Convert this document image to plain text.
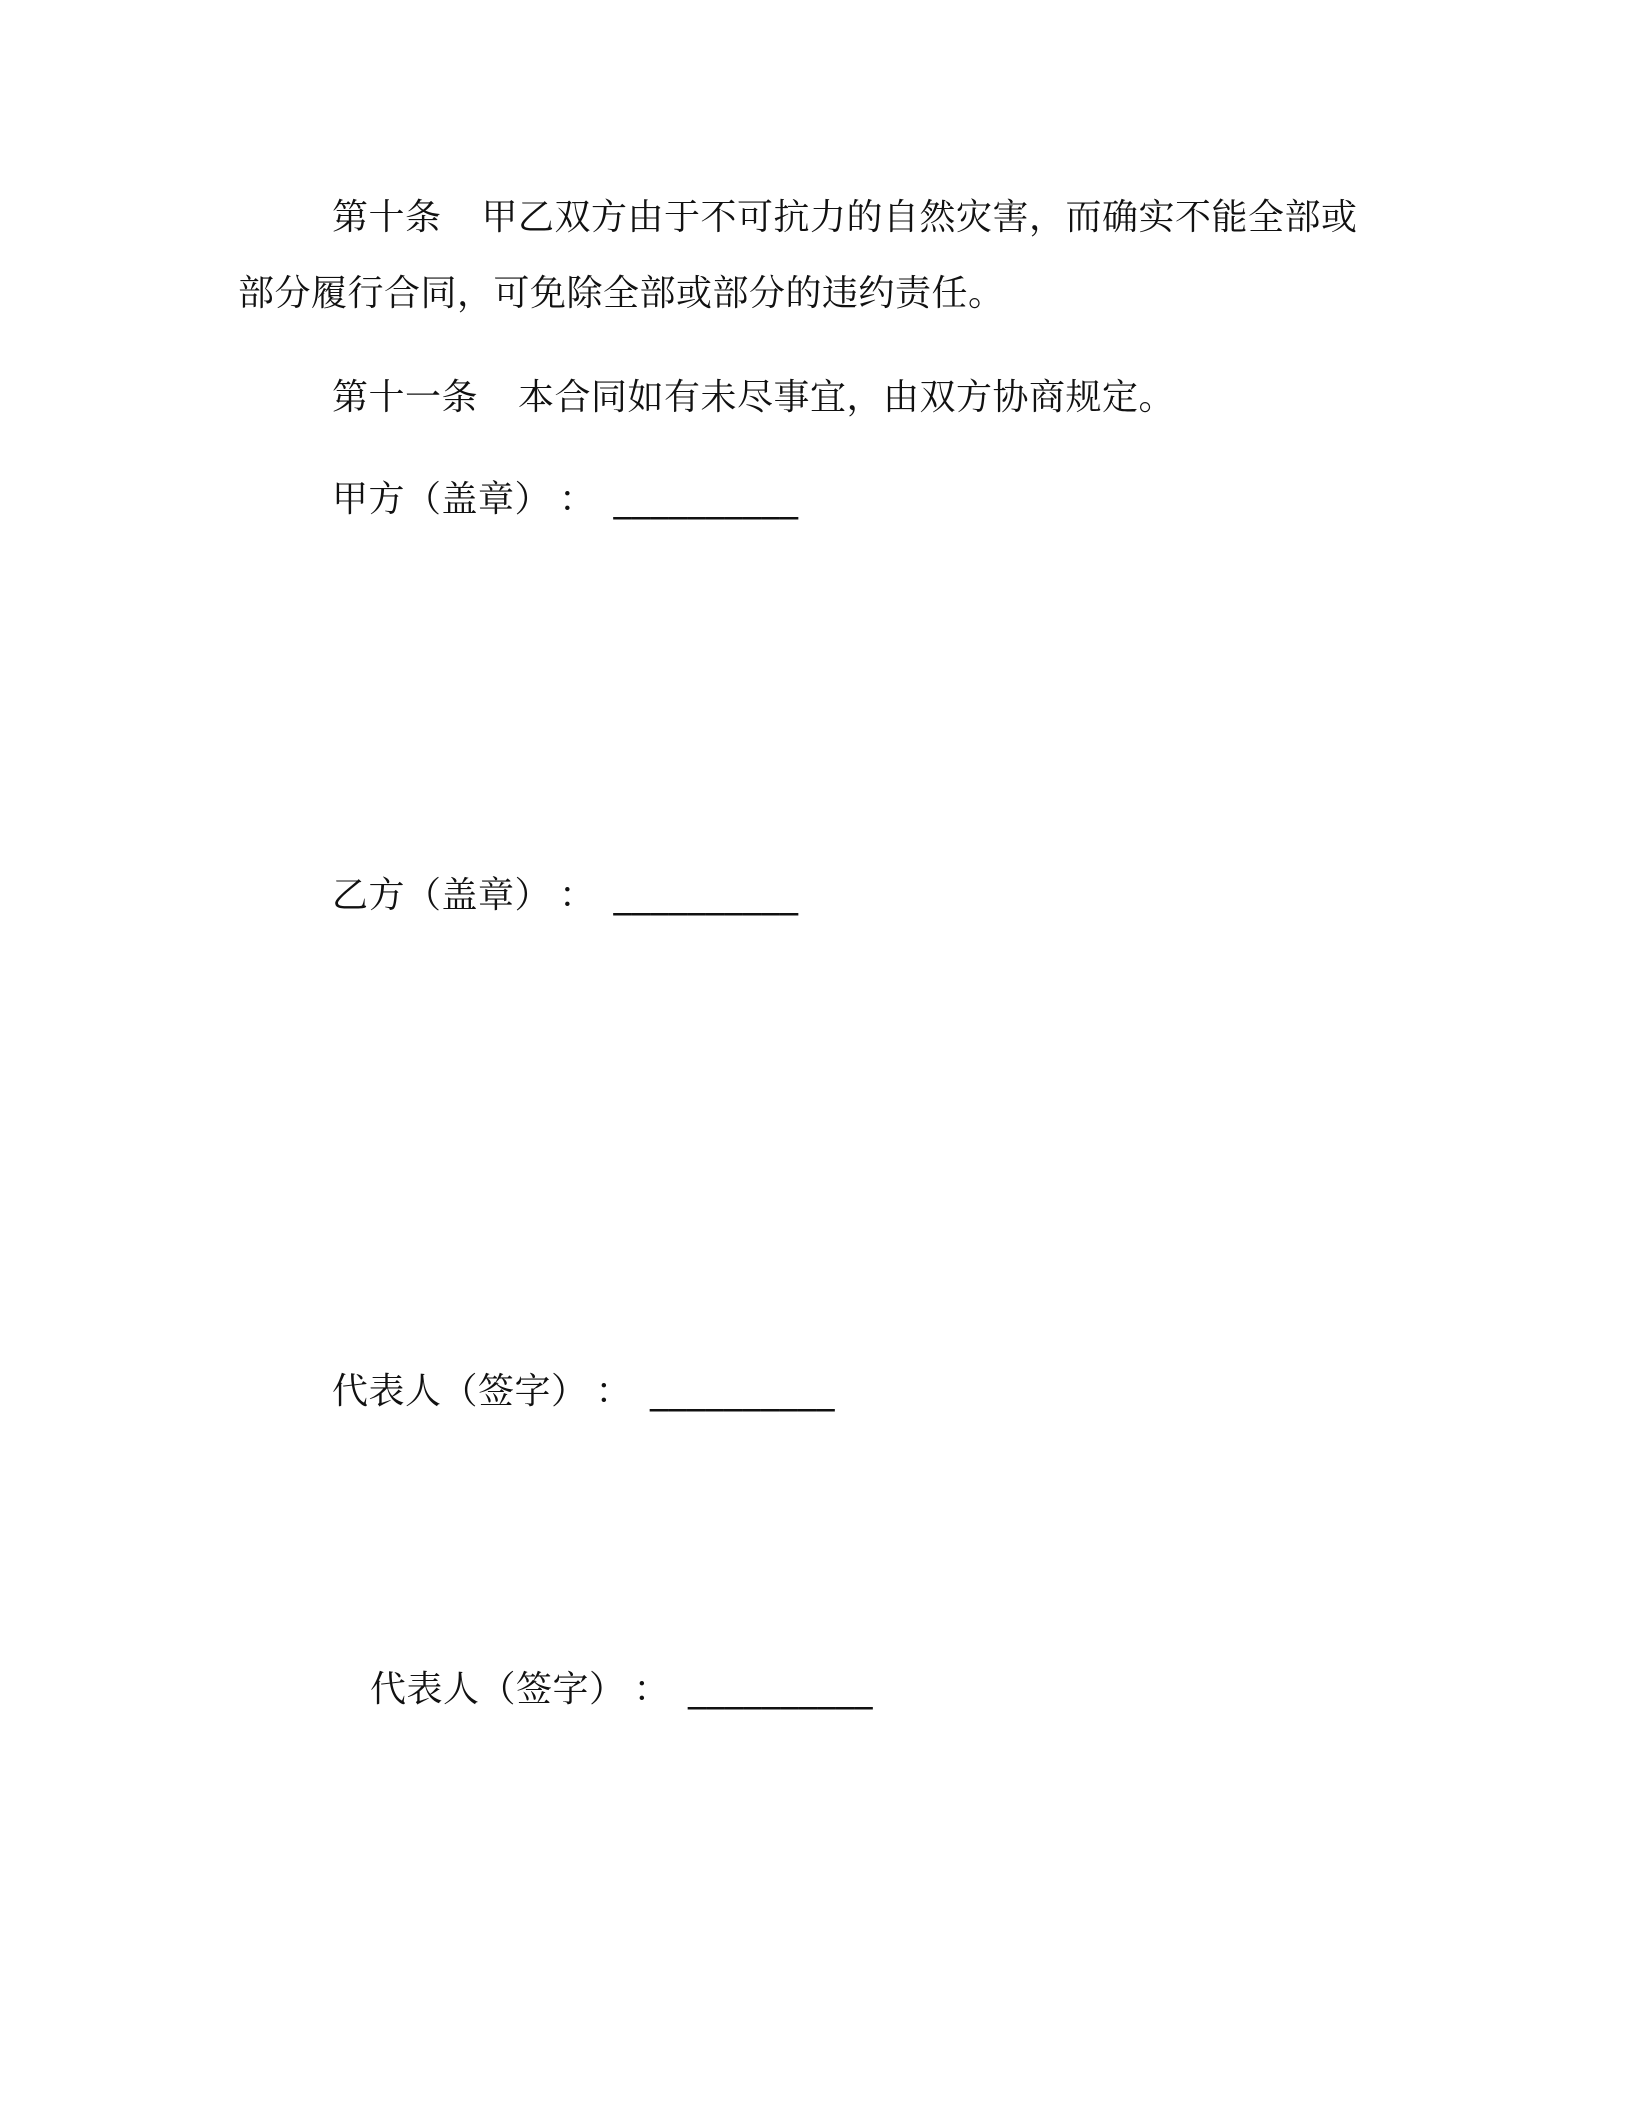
第十条 甲乙双方由于不可抗力的自然灾害，而确实不能全部或
部分履行合同，可免除全部或部分的违约责任。
第十一条 本合同如有未尽事宜，由双方协商规定。
甲方（盖章） ： __________
乙方（盖章） ： __________
代表人（签字） ： __________
代表人（签字） ： __________
